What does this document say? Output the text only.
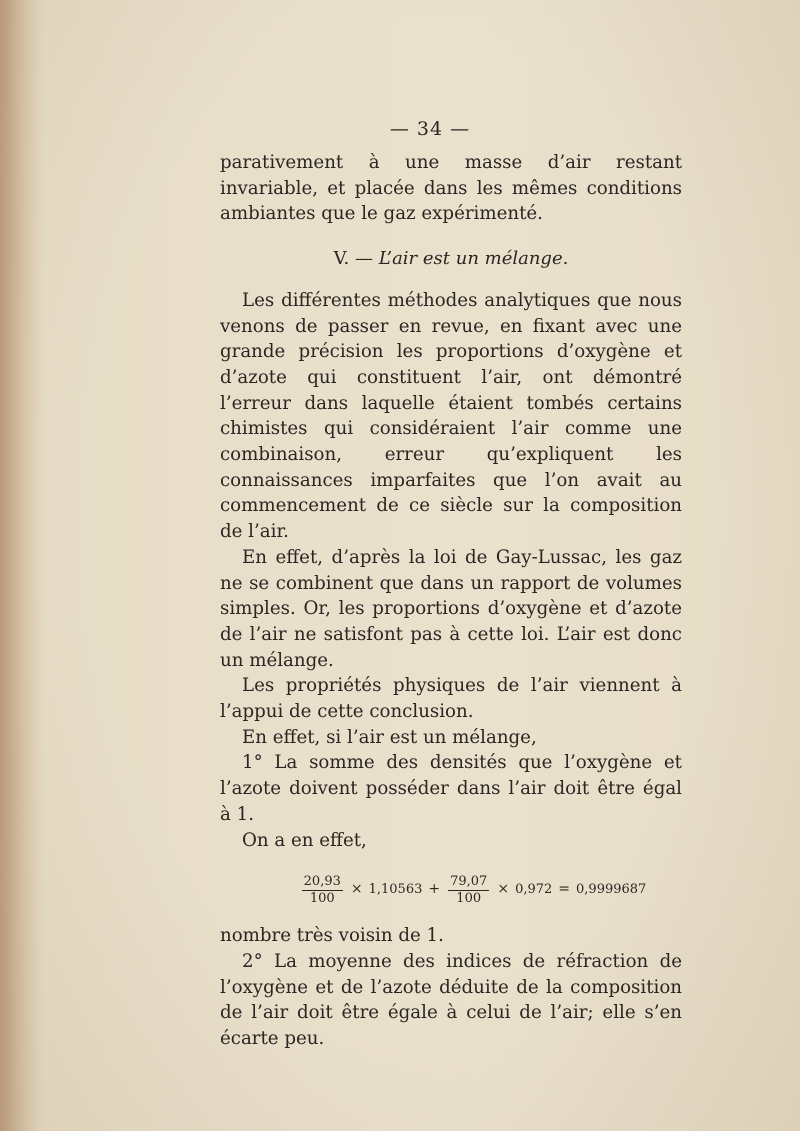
— 34 —

parativement à une masse d’air restant invariable, et placée dans les mêmes conditions ambiantes que le gaz expérimenté.

V. — L’air est un mélange.

Les différentes méthodes analytiques que nous venons de passer en revue, en fixant avec une grande précision les proportions d’oxygène et d’azote qui constituent l’air, ont démontré l’erreur dans laquelle étaient tombés certains chimistes qui considéraient l’air comme une combinaison, erreur qu’expliquent les connaissances imparfaites que l’on avait au commencement de ce siècle sur la composition de l’air.

En effet, d’après la loi de Gay-Lussac, les gaz ne se combinent que dans un rapport de volumes simples. Or, les proportions d’oxygène et d’azote de l’air ne satisfont pas à cette loi. L’air est donc un mélange.

Les propriétés physiques de l’air viennent à l’appui de cette conclusion.

En effet, si l’air est un mélange,

1° La somme des densités que l’oxygène et l’azote doivent posséder dans l’air doit être égal à 1.

On a en effet,

$\frac{20,93}{100} \times 1,10563 + \frac{79,07}{100} \times 0,972 = 0,9999687$

nombre très voisin de 1.

2° La moyenne des indices de réfraction de l’oxygène et de l’azote déduite de la composition de l’air doit être égale à celui de l’air; elle s’en écarte peu.
